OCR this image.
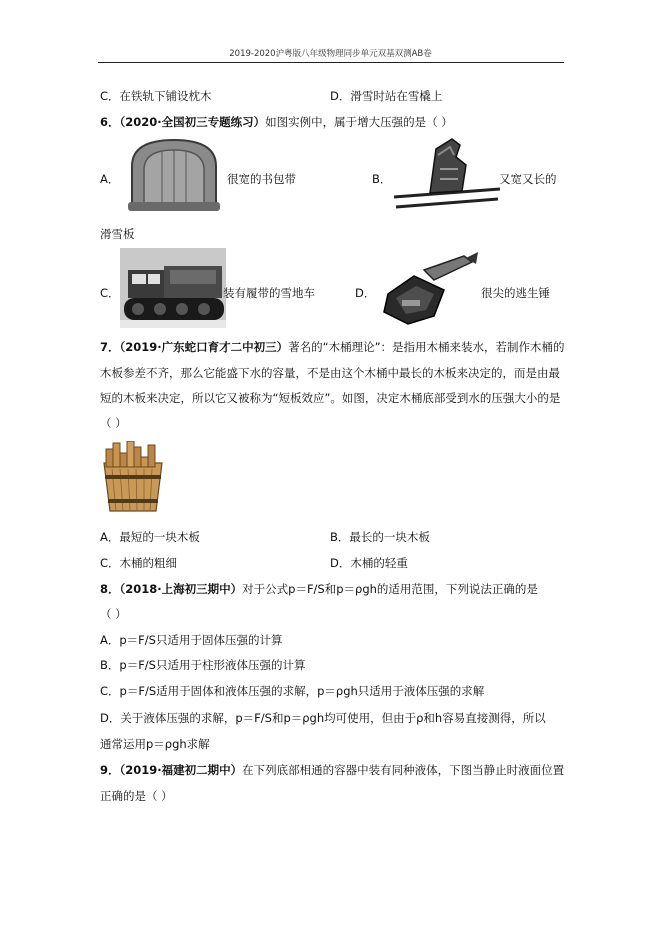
2019-2020沪粤版八年级物理同步单元双基双测AB卷
C．在铁轨下铺设枕木	D．滑雪时站在雪橇上
6．（2020·全国初三专题练习）如图实例中，属于增大压强的是（ ）
A．	很宽的书包带	B．	又宽又长的
滑雪板
C．	装有履带的雪地车	D．	很尖的逃生锤
7．（2019·广东蛇口育才二中初三）著名的“木桶理论”：是指用木桶来装水，若制作木桶的
木板参差不齐，那么它能盛下水的容量，不是由这个木桶中最长的木板来决定的，而是由最
短的木板来决定，所以它又被称为“短板效应”。如图，决定木桶底部受到水的压强大小的是
（ ）
A．最短的一块木板	B．最长的一块木板
C．木桶的粗细	D．木桶的轻重
8．（2018·上海初三期中）对于公式p＝F/S和p＝ρgh的适用范围，下列说法正确的是
（ ）
A．p＝F/S只适用于固体压强的计算
B．p＝F/S只适用于柱形液体压强的计算
C．p＝F/S适用于固体和液体压强的求解，p＝ρgh只适用于液体压强的求解
D．关于液体压强的求解，p＝F/S和p＝ρgh均可使用，但由于ρ和h容易直接测得，所以
通常运用p＝ρgh求解
9．（2019·福建初二期中）在下列底部相通的容器中装有同种液体，下图当静止时液面位置
正确的是（ ）
